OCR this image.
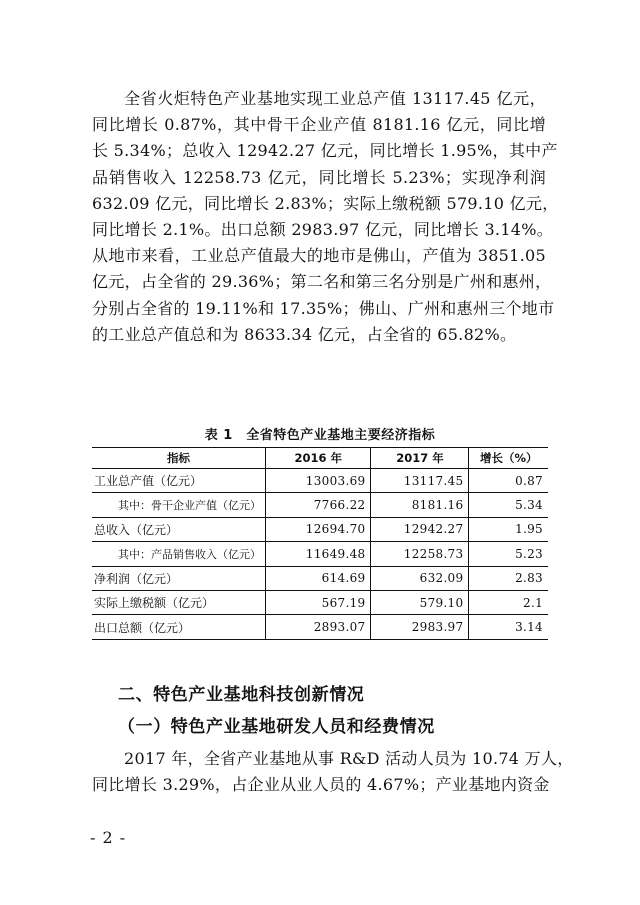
全省火炬特色产业基地实现工业总产值 13117.45 亿元，
同比增长 0.87%，其中骨干企业产值 8181.16 亿元，同比增
长 5.34%；总收入 12942.27 亿元，同比增长 1.95%，其中产
品销售收入 12258.73 亿元，同比增长 5.23%；实现净利润
632.09 亿元，同比增长 2.83%；实际上缴税额 579.10 亿元，
同比增长 2.1%。出口总额 2983.97 亿元，同比增长 3.14%。
从地市来看，工业总产值最大的地市是佛山，产值为 3851.05
亿元，占全省的 29.36%；第二名和第三名分别是广州和惠州，
分别占全省的 19.11%和 17.35%；佛山、广州和惠州三个地市
的工业总产值总和为 8633.34 亿元，占全省的 65.82%。
表 1　全省特色产业基地主要经济指标
指标	2016 年	2017 年	增长（%）
工业总产值（亿元）	13003.69	13117.45	0.87
其中：骨干企业产值（亿元）	7766.22	8181.16	5.34
总收入（亿元）	12694.70	12942.27	1.95
其中：产品销售收入（亿元）	11649.48	12258.73	5.23
净利润（亿元）	614.69	632.09	2.83
实际上缴税额（亿元）	567.19	579.10	2.1
出口总额（亿元）	2893.07	2983.97	3.14
二、特色产业基地科技创新情况
（一）特色产业基地研发人员和经费情况
2017 年，全省产业基地从事 R&D 活动人员为 10.74 万人，
同比增长 3.29%，占企业从业人员的 4.67%；产业基地内资金
- 2 -
